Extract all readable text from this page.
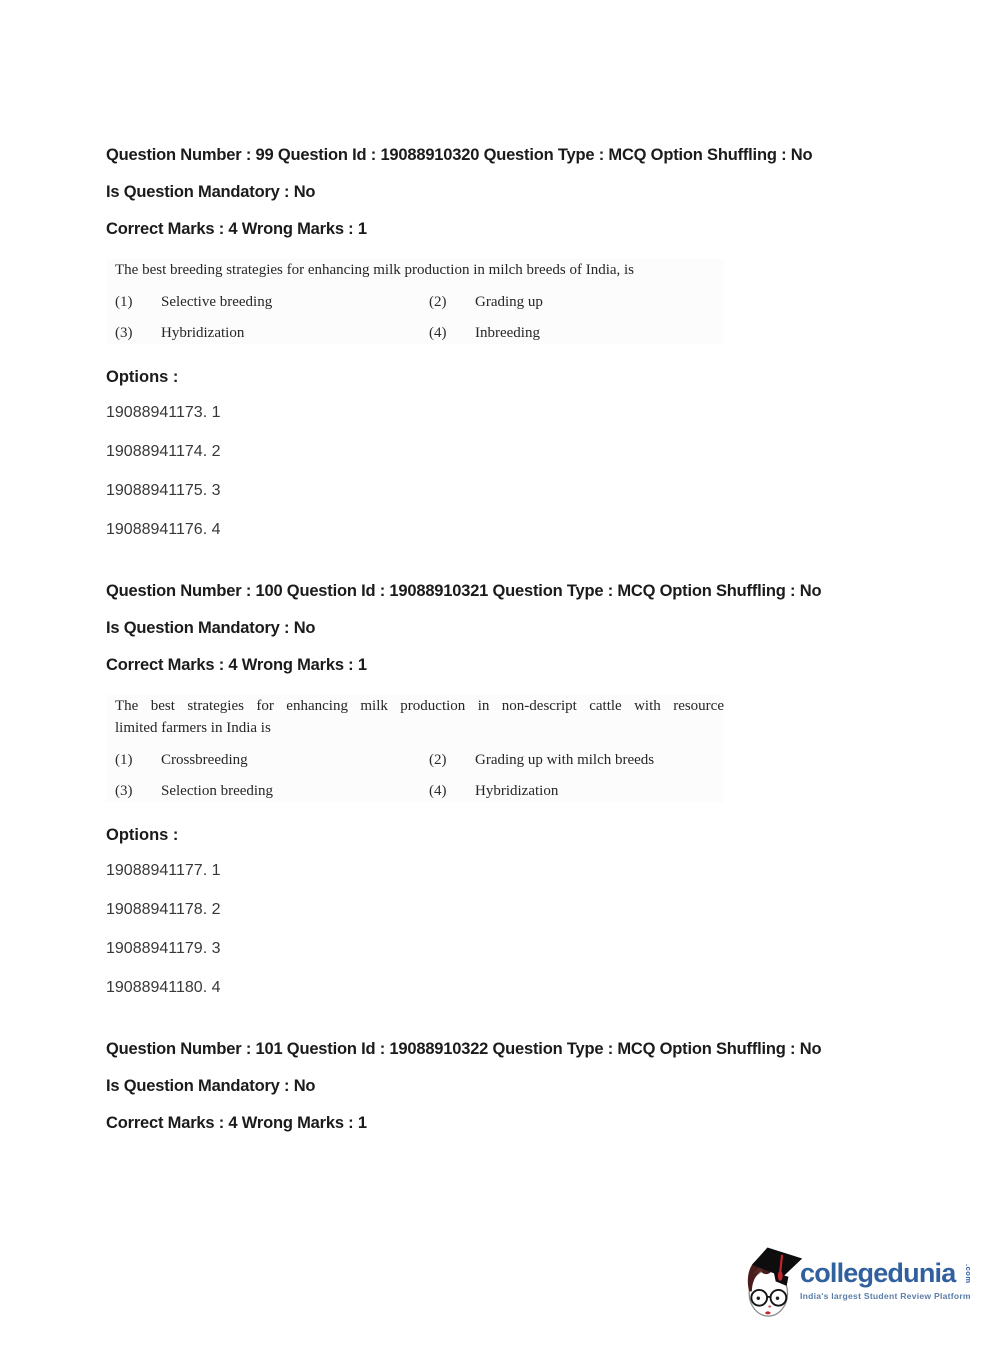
Question Number : 99 Question Id : 19088910320 Question Type : MCQ Option Shuffling : No
Is Question Mandatory : No
Correct Marks : 4 Wrong Marks : 1
The best breeding strategies for enhancing milk production in milch breeds of India, is
(1)	Selective breeding	(2)	Grading up
(3)	Hybridization	(4)	Inbreeding
Options :
19088941173. 1
19088941174. 2
19088941175. 3
19088941176. 4
Question Number : 100 Question Id : 19088910321 Question Type : MCQ Option Shuffling : No
Is Question Mandatory : No
Correct Marks : 4 Wrong Marks : 1
The best strategies for enhancing milk production in non-descript cattle with resource
limited farmers in India is
(1)	Crossbreeding	(2)	Grading up with milch breeds
(3)	Selection breeding	(4)	Hybridization
Options :
19088941177. 1
19088941178. 2
19088941179. 3
19088941180. 4
Question Number : 101 Question Id : 19088910322 Question Type : MCQ Option Shuffling : No
Is Question Mandatory : No
Correct Marks : 4 Wrong Marks : 1
collegedunia .com
India's largest Student Review Platform
